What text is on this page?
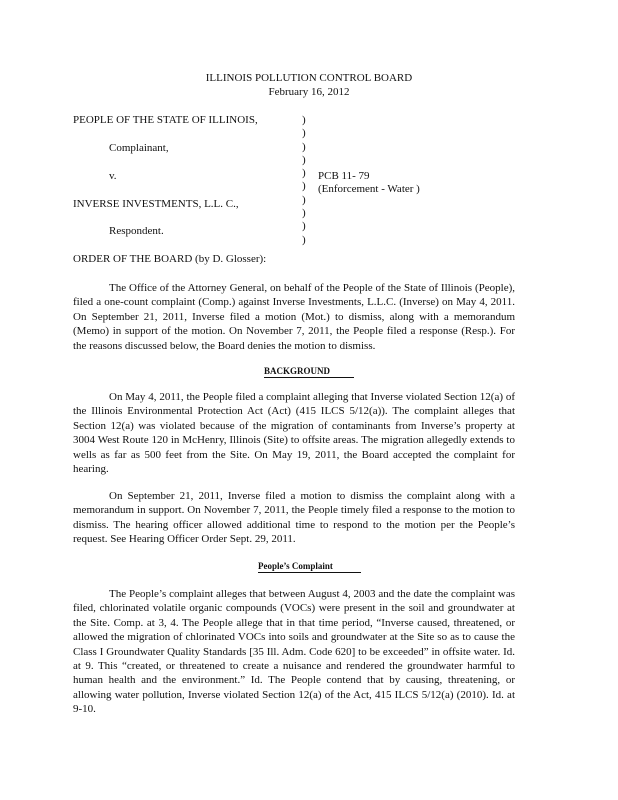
ILLINOIS POLLUTION CONTROL BOARD
February 16, 2012
PEOPLE OF THE STATE OF ILLINOIS,
Complainant,
v.	PCB 11- 79
(Enforcement - Water )
INVERSE INVESTMENTS, L.L. C.,
Respondent.
)
)
)
)
)
)
)
)
)
)
ORDER OF THE BOARD (by D. Glosser):
The Office of the Attorney General, on behalf of the People of the State of Illinois (People), filed a one-count complaint (Comp.) against Inverse Investments, L.L.C. (Inverse) on May 4, 2011. On September 21, 2011, Inverse filed a motion (Mot.) to dismiss, along with a memorandum (Memo) in support of the motion. On November 7, 2011, the People filed a response (Resp.). For the reasons discussed below, the Board denies the motion to dismiss.
BACKGROUND
On May 4, 2011, the People filed a complaint alleging that Inverse violated Section 12(a) of the Illinois Environmental Protection Act (Act) (415 ILCS 5/12(a)). The complaint alleges that Section 12(a) was violated because of the migration of contaminants from Inverse’s property at 3004 West Route 120 in McHenry, Illinois (Site) to offsite areas. The migration allegedly extends to wells as far as 500 feet from the Site. On May 19, 2011, the Board accepted the complaint for hearing.
On September 21, 2011, Inverse filed a motion to dismiss the complaint along with a memorandum in support. On November 7, 2011, the People timely filed a response to the motion to dismiss. The hearing officer allowed additional time to respond to the motion per the People’s request. See Hearing Officer Order Sept. 29, 2011.
People’s Complaint
The People’s complaint alleges that between August 4, 2003 and the date the complaint was filed, chlorinated volatile organic compounds (VOCs) were present in the soil and groundwater at the Site. Comp. at 3, 4. The People allege that in that time period, “Inverse caused, threatened, or allowed the migration of chlorinated VOCs into soils and groundwater at the Site so as to cause the Class I Groundwater Quality Standards [35 Ill. Adm. Code 620] to be exceeded” in offsite water. Id. at 9. This “created, or threatened to create a nuisance and rendered the groundwater harmful to human health and the environment.” Id. The People contend that by causing, threatening, or allowing water pollution, Inverse violated Section 12(a) of the Act, 415 ILCS 5/12(a) (2010). Id. at 9-10.
